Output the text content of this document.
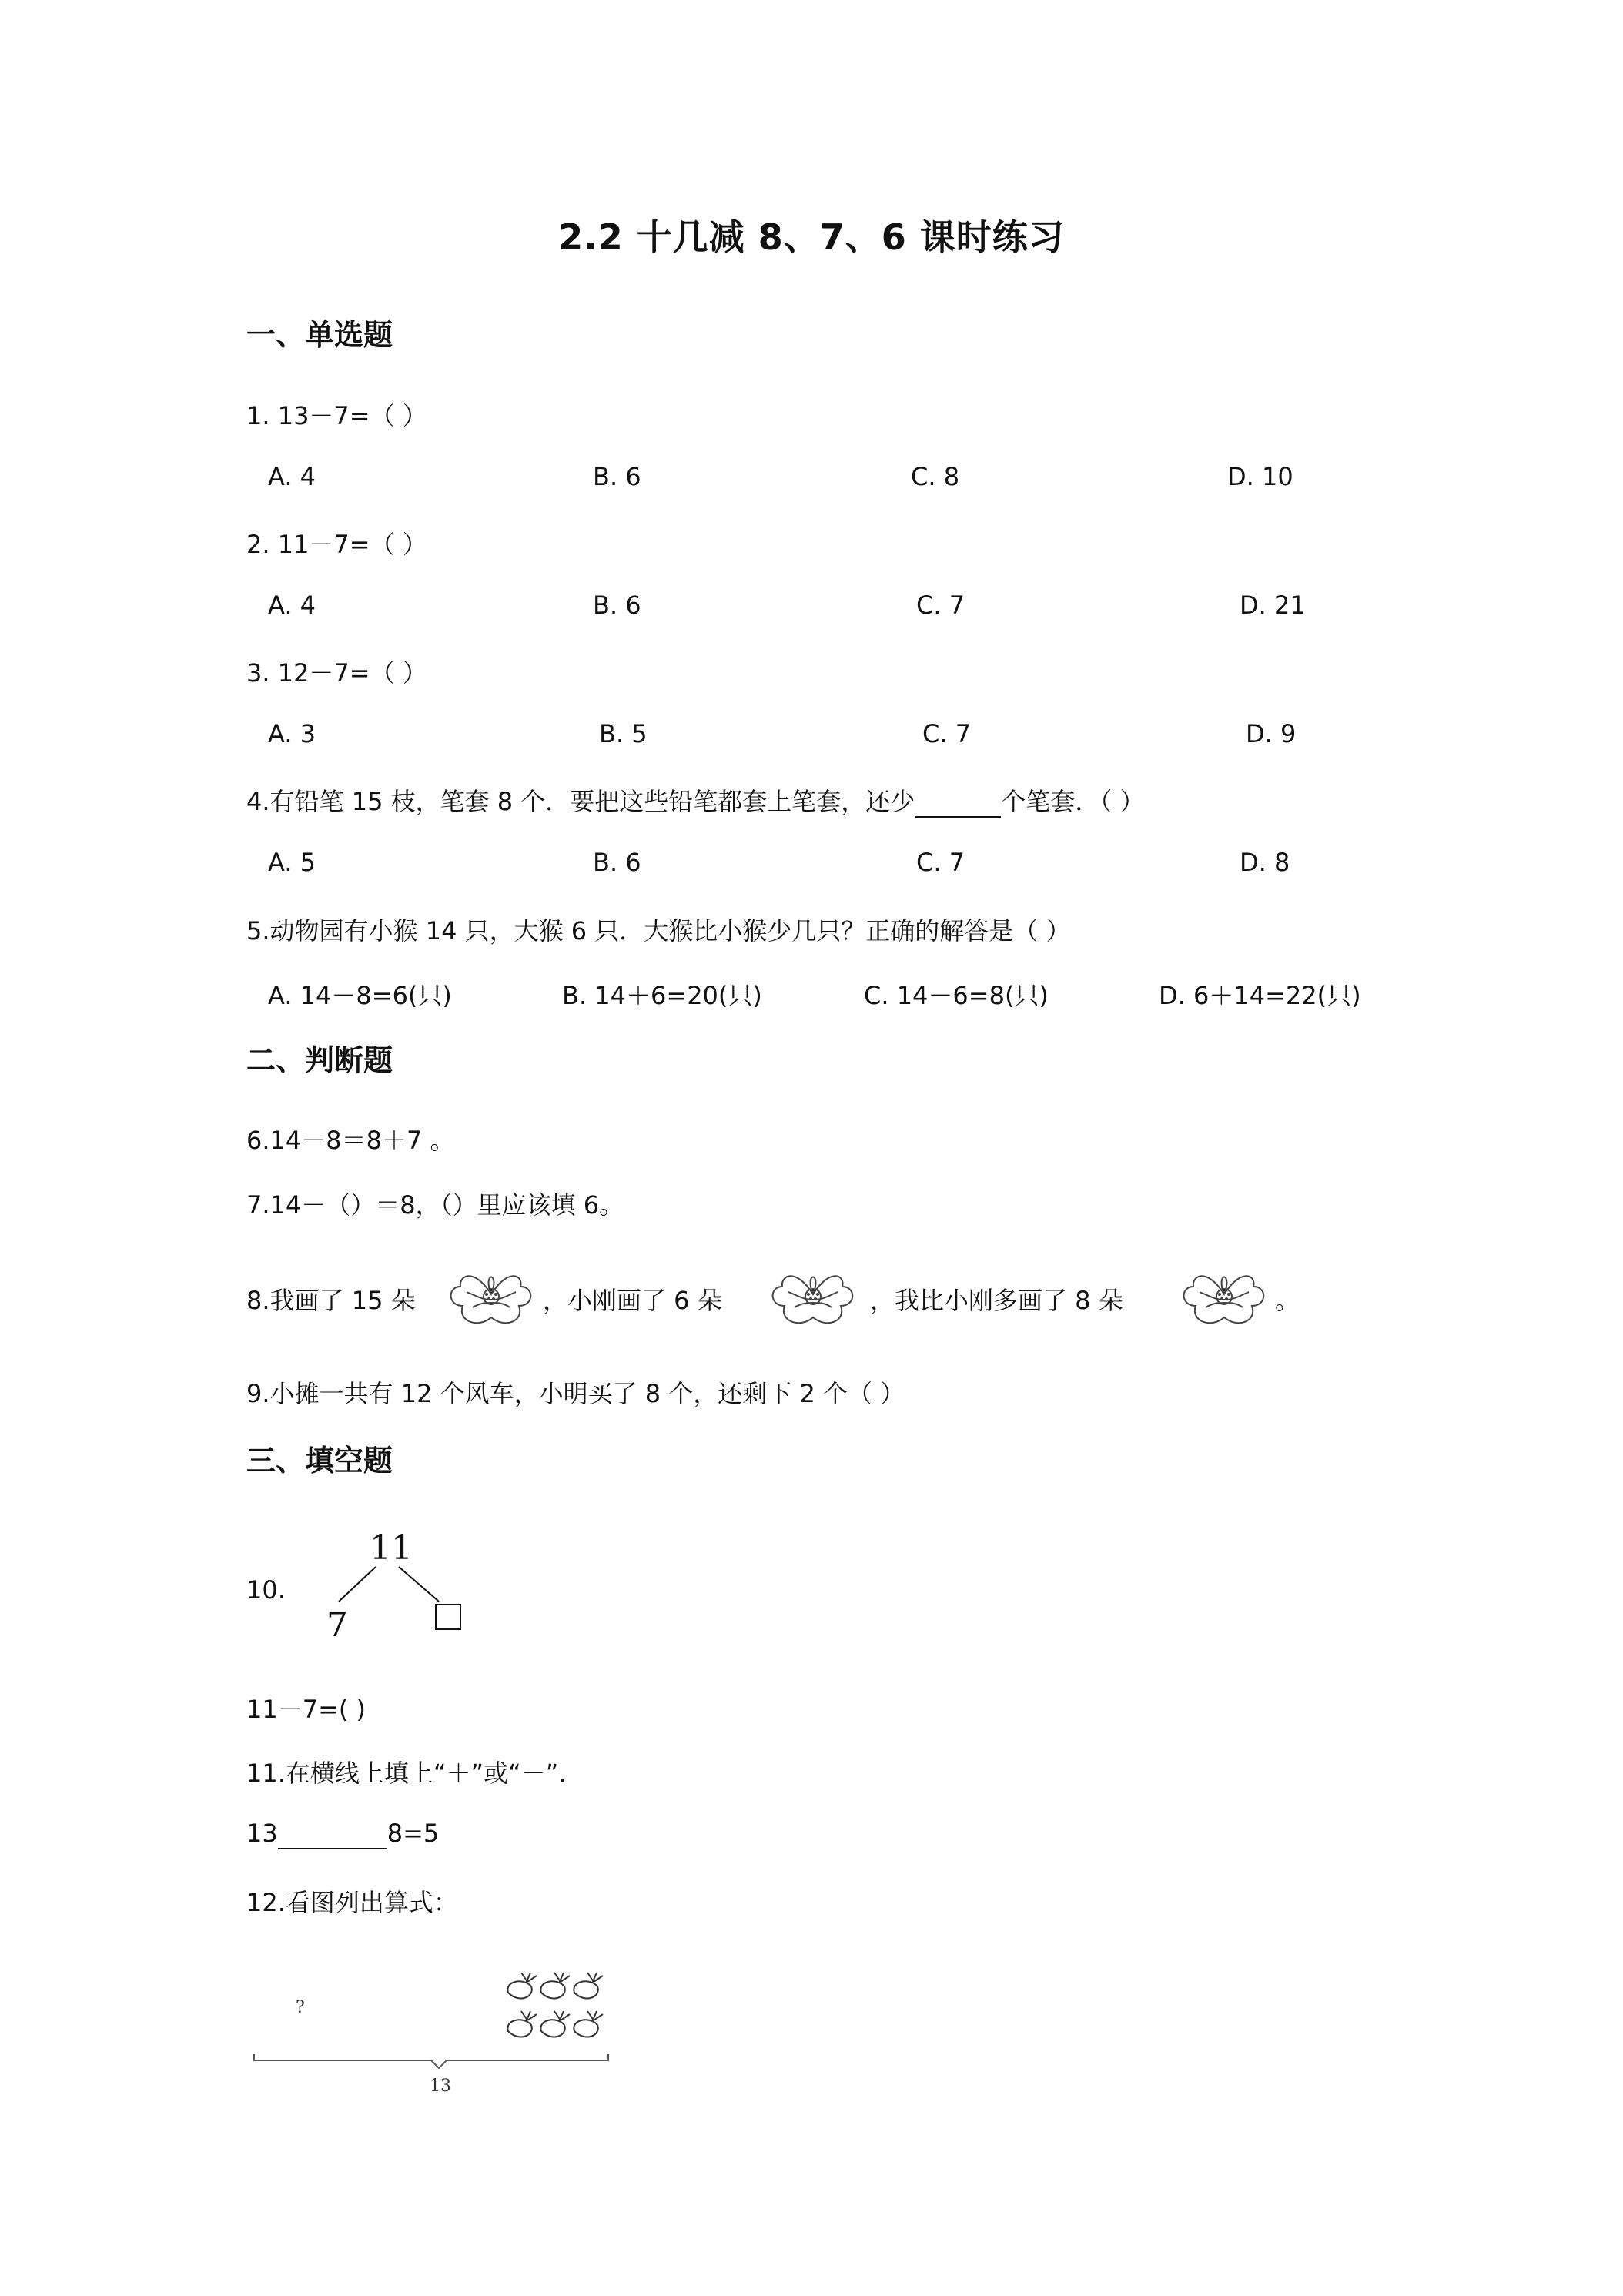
2.2 十几减 8、7、6 课时练习
一、单选题
1. 13－7=（ ）
A. 4	B. 6	C. 8	D. 10
2. 11－7=（ ）
A. 4	B. 6	C. 7	D. 21
3. 12－7=（ ）
A. 3	B. 5	C. 7	D. 9
4.有铅笔 15 枝，笔套 8 个．要把这些铅笔都套上笔套，还少	个笔套．（ ）
A. 5	B. 6	C. 7	D. 8
5.动物园有小猴 14 只，大猴 6 只．大猴比小猴少几只？正确的解答是（ ）
A. 14－8=6(只)	B. 14＋6=20(只)	C. 14－6=8(只)	D. 6＋14=22(只)
二、判断题
6.14－8＝8＋7 。
7.14－（）＝8，（）里应该填 6。
8.我画了 15 朵	，小刚画了 6 朵	，我比小刚多画了 8 朵	。
9.小摊一共有 12 个风车，小明买了 8 个，还剩下 2 个（ ）
三、填空题
10.
11
7
11－7=( )
11.在横线上填上“＋”或“－”.
13	8=5
12.看图列出算式：
?
13
